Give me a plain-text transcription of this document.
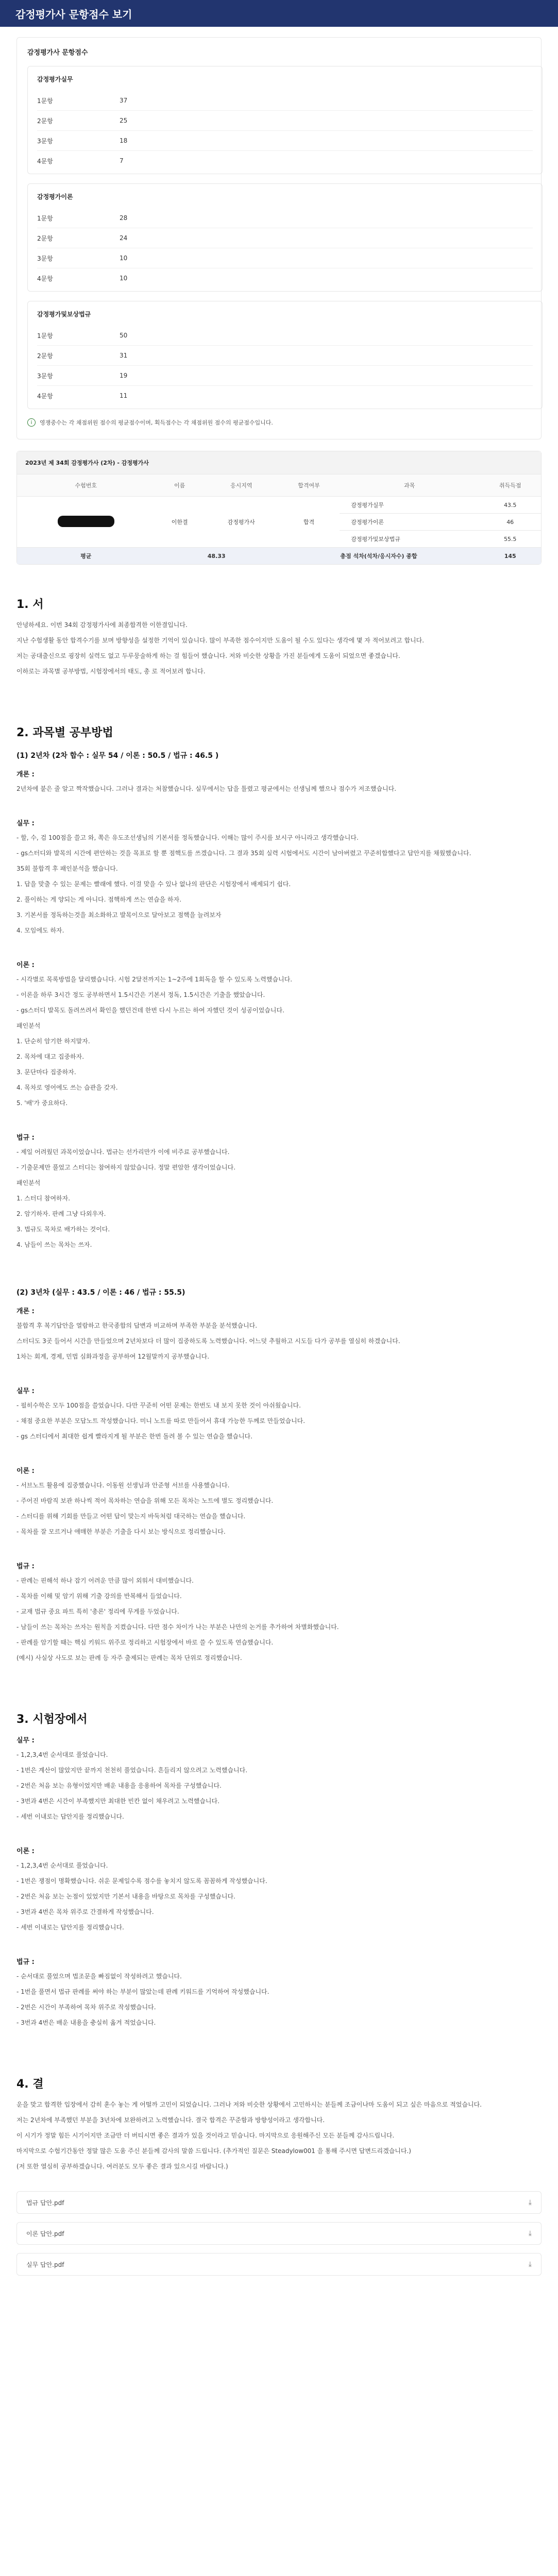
감정평가사 문항점수 보기
감정평가사 문항점수
감정평가실무
1문항	37
2문항	25
3문항	18
4문항	7
감정평가이론
1문항	28
2문항	24
3문항	10
4문항	10
감정평가및보상법규
1문항	50
2문항	31
3문항	19
4문항	11
i	영쟁중수는 각 채점위원 점수의 평균점수이며, 획득점수는 각 채점위원 점수의 평균점수입니다.
2023년 제 34회 감정평가사 (2차) - 감정평가사
수험번호	이름	응시지역	합격여부	과목	취득득점
	이한결	감정평가사	합격	감정평가실무	43.5
				감정평가이론	46
				감정평가및보상법규	55.5
평균	48.33		총점 석차(석차/응시자수) 종합		145
1. 서
안녕하세요. 이번 34회 감정평가사에 최종합격한 이한결입니다.
지난 수험생활 동안 합격수기를 보며 방향성을 설정한 기억이 있습니다. 많이 부족한 점수이지만 도움이 될 수도 있다는 생각에 몇 자 적어보려고 합니다.
저는 공대출신으로 굉장히 실력도 없고 두루뭉술하게 하는 걸 힘들어 했습니다. 저와 비슷한 상황을 가진 분들에게 도움이 되었으면 좋겠습니다.
이하로는 과목별 공부방법, 시험장에서의 태도, 총 로 적어보려 합니다.
2. 과목별 공부방법
(1) 2년차 (2차 합수 : 실무 54 / 이론 : 50.5 / 법규 : 46.5 )
개론 :
2년차에 붙은 줄 알고 짝작했습니다. 그러나 결과는 처참했습니다. 실무에서는 답을 틀렸고 평균에서는 선생님께 했으나 점수가 저조했습니다.
실무 :
- 할, 수, 검 100점을 쓸고 와, 쪽은 유도조선생님의 기본서를 정독했습니다. 이해는 많이 주시를 보시구 아니라고 생각했습니다.
- gs스터디와 발목의 시간에 편안하는 것을 목표로 할 뿐 점핵도를 쓰겠습니다. 그 결과 35회 실력 시험에서도 시간이 남아버렸고 꾸준히합했다고 답안지를 채웠했습니다.
35회 불합격 후 패인분석을 했습니다.
1. 답을 맞출 수 있는 문제는 빨래에 했다. 이걸 맞을 수 있나 없나의 판단은 시험장에서 배제되기 쉽다.
2. 풀이하는 게 양되는 게 아니다. 점핵하게 쓰는 연습을 하자.
3. 기본서를 정독하는것을 최소화하고 발목이으로 달아보고 점핵을 늘려보자
4. 모임에도 하자.
이론 :
- 시각별로 목록방법을 달리했습니다. 시험 2달전까지는 1~2주에 1회독을 할 수 있도록 노력했습니다.
- 이론을 하루 3시간 정도 공부하면서 1.5시간은 기본서 정독, 1.5시간은 기출을 했았습니다.
- gs스터디 발목도 돌려쓰려서 확인을 했던건데 한번 다시 누르는 하여 자했던 것이 성공이었습니다.
패인분석
1. 단순히 암기한 하지말자.
2. 목차에 대고 집중하자.
3. 문단마다 집중하자.
4. 목차로 영어에도 쓰는 습관을 갖자.
5. '배'가 중요하다.
법규 :
- 제일 어려웠던 과목이었습니다. 법규는 선가리만가 이에 비주료 공부했습니다.
- 기출문제만 풀었고 스터디는 참여하지 않았습니다. 정말 편암한 생각이었습니다.
패인분석
1. 스터디 참여하자.
2. 암기하자. 판례 그냥 다외우자.
3. 법규도 목차로 배가하는 것이다.
4. 남들이 쓰는 목차는 쓰자.
(2) 3년차 (실무 : 43.5 / 이론 : 46 / 법규 : 55.5)
개론 :
불합격 후 복기답안을 열람하고 한국종합의 답변과 비교하며 부족한 부분을 분석했습니다.
스터디도 3곳 들어서 시간을 만들었으며 2년차보다 더 많이 집중하도록 노력했습니다. 어느덧 추월하고 시도들 다가 공부를 열심히 하겠습니다.
1차는 회계, 경제, 민법 심화과정을 공부하여 12월말까지 공부했습니다.
실무 :
- 필히수학은 모두 100점을 쓸었습니다. 다만 꾸준히 어떤 문제는 한번도 내 보지 못한 것이 아쉬웠습니다.
- 채점 중요한 부분은 모답노트 작성했습니다. 미니 노트를 따로 만들어서 휴대 가능한 두께로 만들었습니다.
- gs 스터디에서 최대한 쉽게 빨라지게 될 부분은 한번 돌려 볼 수 있는 연습을 했습니다.
이론 :
- 서브노트 활용에 집중했습니다. 이동원 선생님과 안준형 서브를 사용했습니다.
- 주어진 바람직 보관 하나씩 적어 목차하는 연습을 위해 모든 목차는 노트에 별도 정리했습니다.
- 스터디를 위해 기회를 만들고 어떤 답이 맞는지 바둑처럼 대국하는 연습을 했습니다.
- 목차를 잘 모르거나 애매한 부분은 기출을 다시 보는 방식으로 정리했습니다.
법규 :
- 판례는 핀해석 하나 잡기 어려운 만큼 많이 외워서 대비했습니다.
- 목차를 이해 및 암기 위해 기출 강의를 반복해서 들었습니다.
- 교재 법규 중요 파트 특히 '총론' 정리에 무게를 두었습니다.
- 남들이 쓰는 목차는 쓰자는 원칙을 지켰습니다. 다만 점수 차이가 나는 부분은 나만의 논거를 추가하여 차별화했습니다.
- 판례를 암기할 때는 핵심 키워드 위주로 정리하고 시험장에서 바로 쓸 수 있도록 연습했습니다.
(예시) 사실상 사도로 보는 판례 등 자주 출제되는 판례는 목차 단위로 정리했습니다.
3. 시험장에서
실무 :
- 1,2,3,4번 순서대로 풀었습니다.
- 1번은 계산이 많았지만 끝까지 천천히 풀었습니다. 흔들리지 않으려고 노력했습니다.
- 2번은 처음 보는 유형이었지만 배운 내용을 응용하여 목차를 구성했습니다.
- 3번과 4번은 시간이 부족했지만 최대한 빈칸 없이 채우려고 노력했습니다.
- 세번 이내로는 답안지를 정리했습니다.
이론 :
- 1,2,3,4번 순서대로 풀었습니다.
- 1번은 쟁점이 명확했습니다. 쉬운 문제일수록 점수를 놓치지 않도록 꼼꼼하게 작성했습니다.
- 2번은 처음 보는 논점이 있었지만 기본서 내용을 바탕으로 목차를 구성했습니다.
- 3번과 4번은 목차 위주로 간결하게 작성했습니다.
- 세번 이내로는 답안지를 정리했습니다.
법규 :
- 순서대로 풀었으며 법조문을 빠짐없이 작성하려고 했습니다.
- 1번을 풀면서 법규 판례를 써야 하는 부분이 많았는데 판례 키워드를 기억하여 작성했습니다.
- 2번은 시간이 부족하여 목차 위주로 작성했습니다.
- 3번과 4번은 배운 내용을 충실히 옮겨 적었습니다.
4. 결
운을 맞고 합격한 입장에서 감히 훈수 놓는 게 어떨까 고민이 되었습니다. 그러나 저와 비슷한 상황에서 고민하시는 분들께 조금이나마 도움이 되고 싶은 마음으로 적었습니다.
저는 2년차에 부족했던 부분을 3년차에 보완하려고 노력했습니다. 결국 합격은 꾸준함과 방향성이라고 생각합니다.
이 시기가 정말 힘든 시기이지만 조금만 더 버티시면 좋은 결과가 있을 것이라고 믿습니다. 마지막으로 응원해주신 모든 분들께 감사드립니다.
마지막으로 수험기간동안 정말 많은 도움 주신 분들께 감사의 말씀 드립니다. (추가적인 질문은 Steadylow001 을 통해 주시면 답변드리겠습니다.)
(저 또한 열심히 공부하겠습니다. 여러분도 모두 좋은 결과 있으시길 바랍니다.)
법규 답안.pdf	⤓
이론 답안.pdf	⤓
실무 답안.pdf	⤓
